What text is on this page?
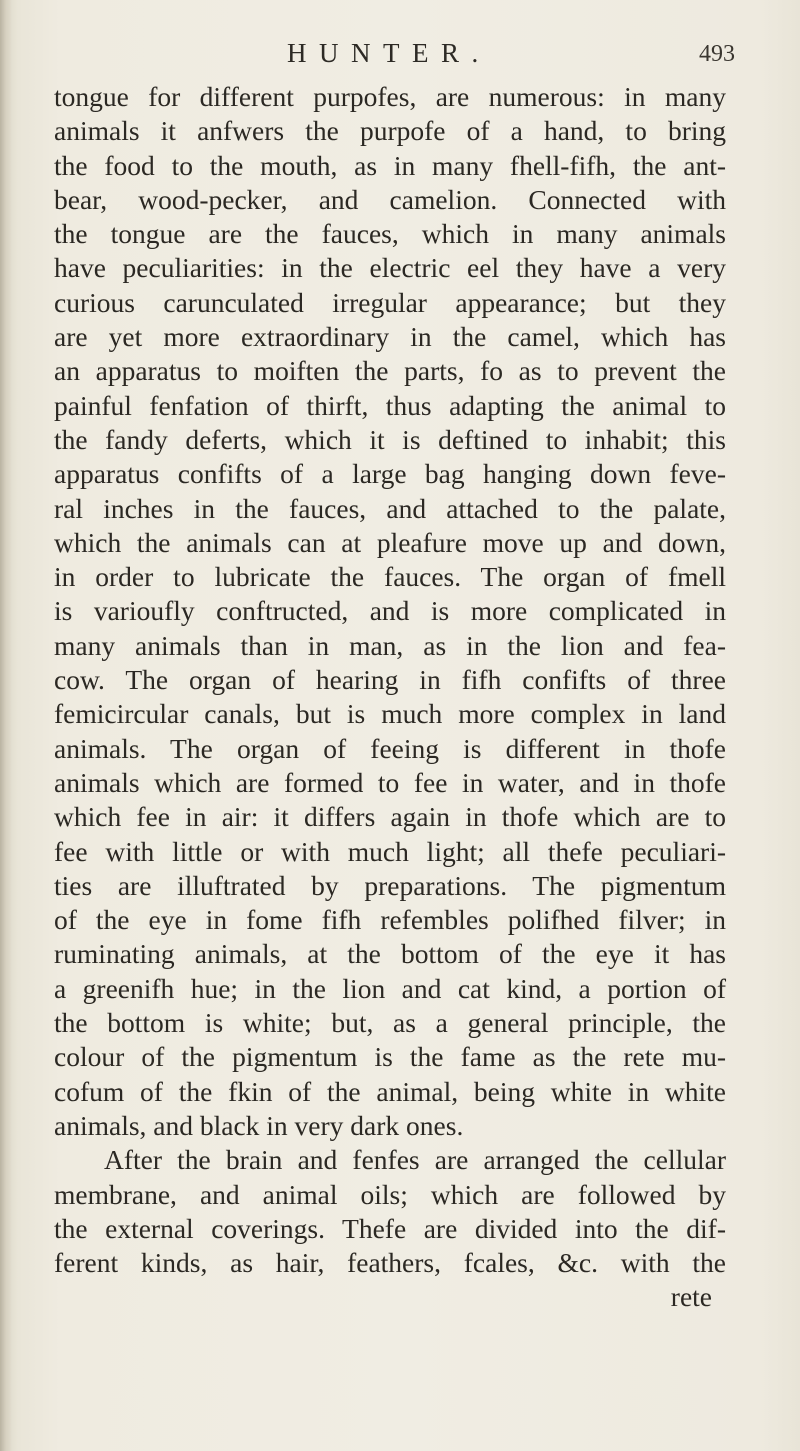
HUNTER.	493
tongue for different purpofes, are numerous: in many
animals it anfwers the purpofe of a hand, to bring
the food to the mouth, as in many fhell-fifh, the ant-
bear, wood-pecker, and camelion. Connected with
the tongue are the fauces, which in many animals
have peculiarities: in the electric eel they have a very
curious carunculated irregular appearance; but they
are yet more extraordinary in the camel, which has
an apparatus to moiften the parts, fo as to prevent the
painful fenfation of thirft, thus adapting the animal to
the fandy deferts, which it is deftined to inhabit; this
apparatus confifts of a large bag hanging down feve-
ral inches in the fauces, and attached to the palate,
which the animals can at pleafure move up and down,
in order to lubricate the fauces. The organ of fmell
is varioufly conftructed, and is more complicated in
many animals than in man, as in the lion and fea-
cow. The organ of hearing in fifh confifts of three
femicircular canals, but is much more complex in land
animals. The organ of feeing is different in thofe
animals which are formed to fee in water, and in thofe
which fee in air: it differs again in thofe which are to
fee with little or with much light; all thefe peculiari-
ties are illuftrated by preparations. The pigmentum
of the eye in fome fifh refembles polifhed filver; in
ruminating animals, at the bottom of the eye it has
a greenifh hue; in the lion and cat kind, a portion of
the bottom is white; but, as a general principle, the
colour of the pigmentum is the fame as the rete mu-
cofum of the fkin of the animal, being white in white
animals, and black in very dark ones.
After the brain and fenfes are arranged the cellular
membrane, and animal oils; which are followed by
the external coverings. Thefe are divided into the dif-
ferent kinds, as hair, feathers, fcales, &c. with the
rete
